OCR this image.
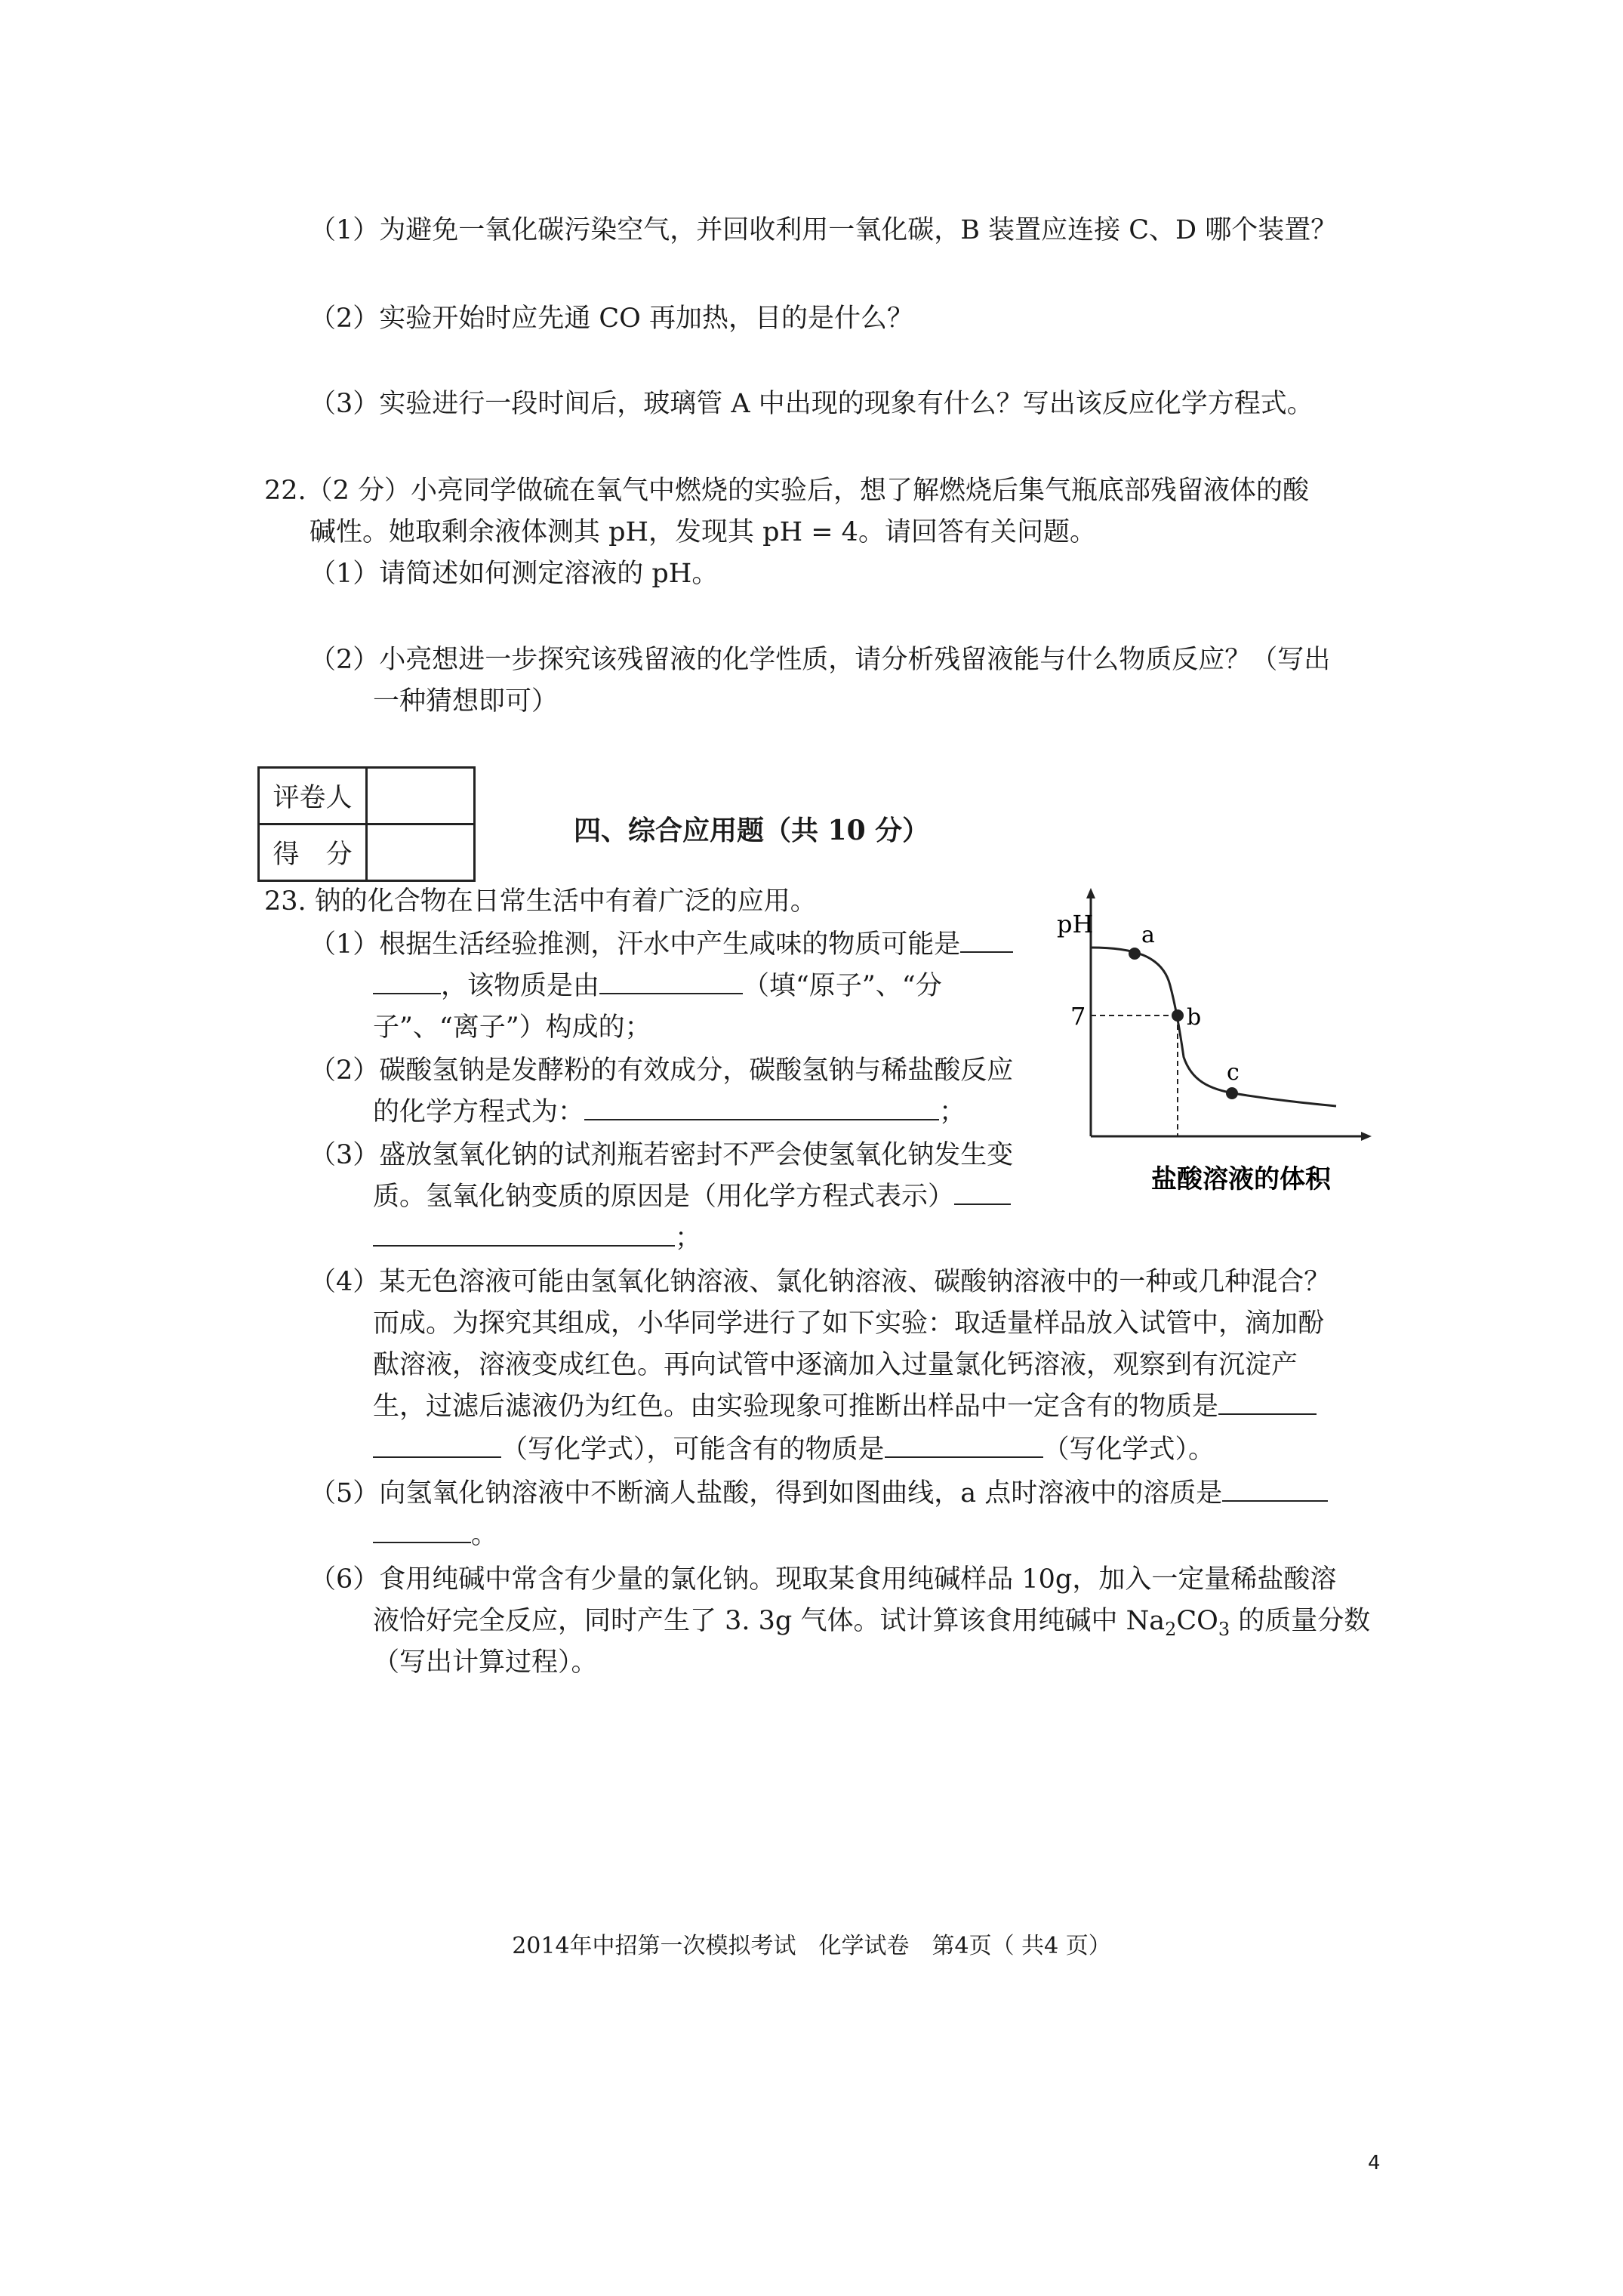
（1）为避免一氧化碳污染空气，并回收利用一氧化碳，B 装置应连接 C、D 哪个装置？
（2）实验开始时应先通 CO 再加热，目的是什么？
（3）实验进行一段时间后，玻璃管 A 中出现的现象有什么？写出该反应化学方程式。
22.（2 分）小亮同学做硫在氧气中燃烧的实验后，想了解燃烧后集气瓶底部残留液体的酸
碱性。她取剩余液体测其 pH，发现其 pH = 4。请回答有关问题。
（1）请简述如何测定溶液的 pH。
（2）小亮想进一步探究该残留液的化学性质，请分析残留液能与什么物质反应？（写出
一种猜想即可）
评卷人	
得　分	
四、综合应用题（共 10 分）
23. 钠的化合物在日常生活中有着广泛的应用。
（1）根据生活经验推测，汗水中产生咸味的物质可能是
，该物质是由	（填“原子”、“分
子”、“离子”）构成的；
（2）碳酸氢钠是发酵粉的有效成分，碳酸氢钠与稀盐酸反应
的化学方程式为：	；
（3）盛放氢氧化钠的试剂瓶若密封不严会使氢氧化钠发生变
质。氢氧化钠变质的原因是（用化学方程式表示）
；
（4）某无色溶液可能由氢氧化钠溶液、氯化钠溶液、碳酸钠溶液中的一种或几种混合？
而成。为探究其组成，小华同学进行了如下实验：取适量样品放入试管中，滴加酚
酞溶液，溶液变成红色。再向试管中逐滴加入过量氯化钙溶液，观察到有沉淀产
生，过滤后滤液仍为红色。由实验现象可推断出样品中一定含有的物质是
（写化学式），可能含有的物质是	（写化学式）。
（5）向氢氧化钠溶液中不断滴人盐酸，得到如图曲线，a 点时溶液中的溶质是
。
（6）食用纯碱中常含有少量的氯化钠。现取某食用纯碱样品 10g，加入一定量稀盐酸溶
液恰好完全反应，同时产生了 3. 3g 气体。试计算该食用纯碱中 $Na_2CO_3$ 的质量分数
（写出计算过程）。
pH
7
a
b
c
盐酸溶液的体积
2014年中招第一次模拟考试　化学试卷　第4页（ 共4 页）
4
